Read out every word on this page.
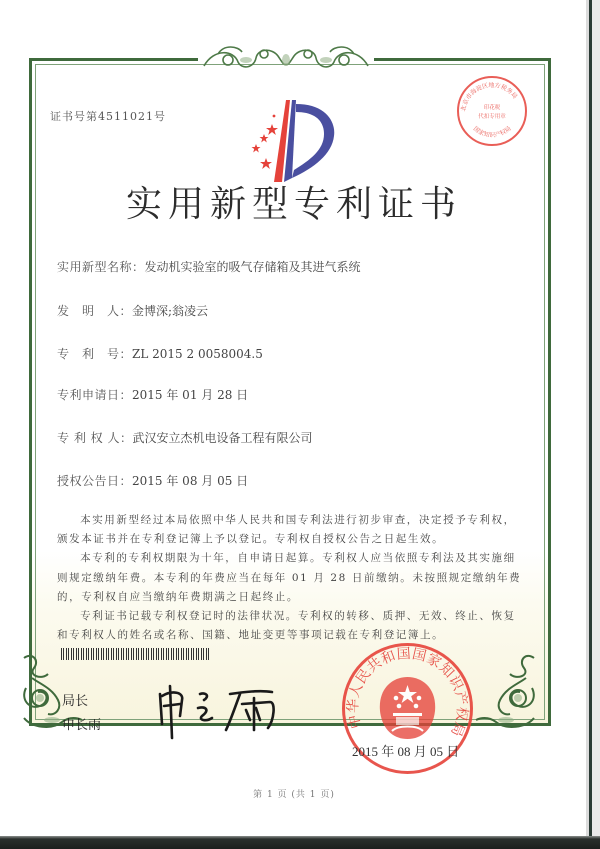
证书号第4511021号
北京市海淀区地方税务局
国家知识产权局
印花税
代扣专用章
实用新型专利证书
实用新型名称：发动机实验室的吸气存储箱及其进气系统
发　明　人：金博深;翁凌云
专　利　号：ZL 2015 2 0058004.5
专利申请日：2015 年 01 月 28 日
专 利 权 人：武汉安立杰机电设备工程有限公司
授权公告日：2015 年 08 月 05 日

本实用新型经过本局依照中华人民共和国专利法进行初步审查，决定授予专利权，颁发本证书并在专利登记簿上予以登记。专利权自授权公告之日起生效。

本专利的专利权期限为十年，自申请日起算。专利权人应当依照专利法及其实施细则规定缴纳年费。本专利的年费应当在每年 01 月 28 日前缴纳。未按照规定缴纳年费的，专利权自应当缴纳年费期满之日起终止。

专利证书记载专利权登记时的法律状况。专利权的转移、质押、无效、终止、恢复和专利权人的姓名或名称、国籍、地址变更等事项记载在专利登记簿上。

局长
申长雨	中华人民共和国国家知识产权局
2015 年 08 月 05 日
第 1 页 (共 1 页)
